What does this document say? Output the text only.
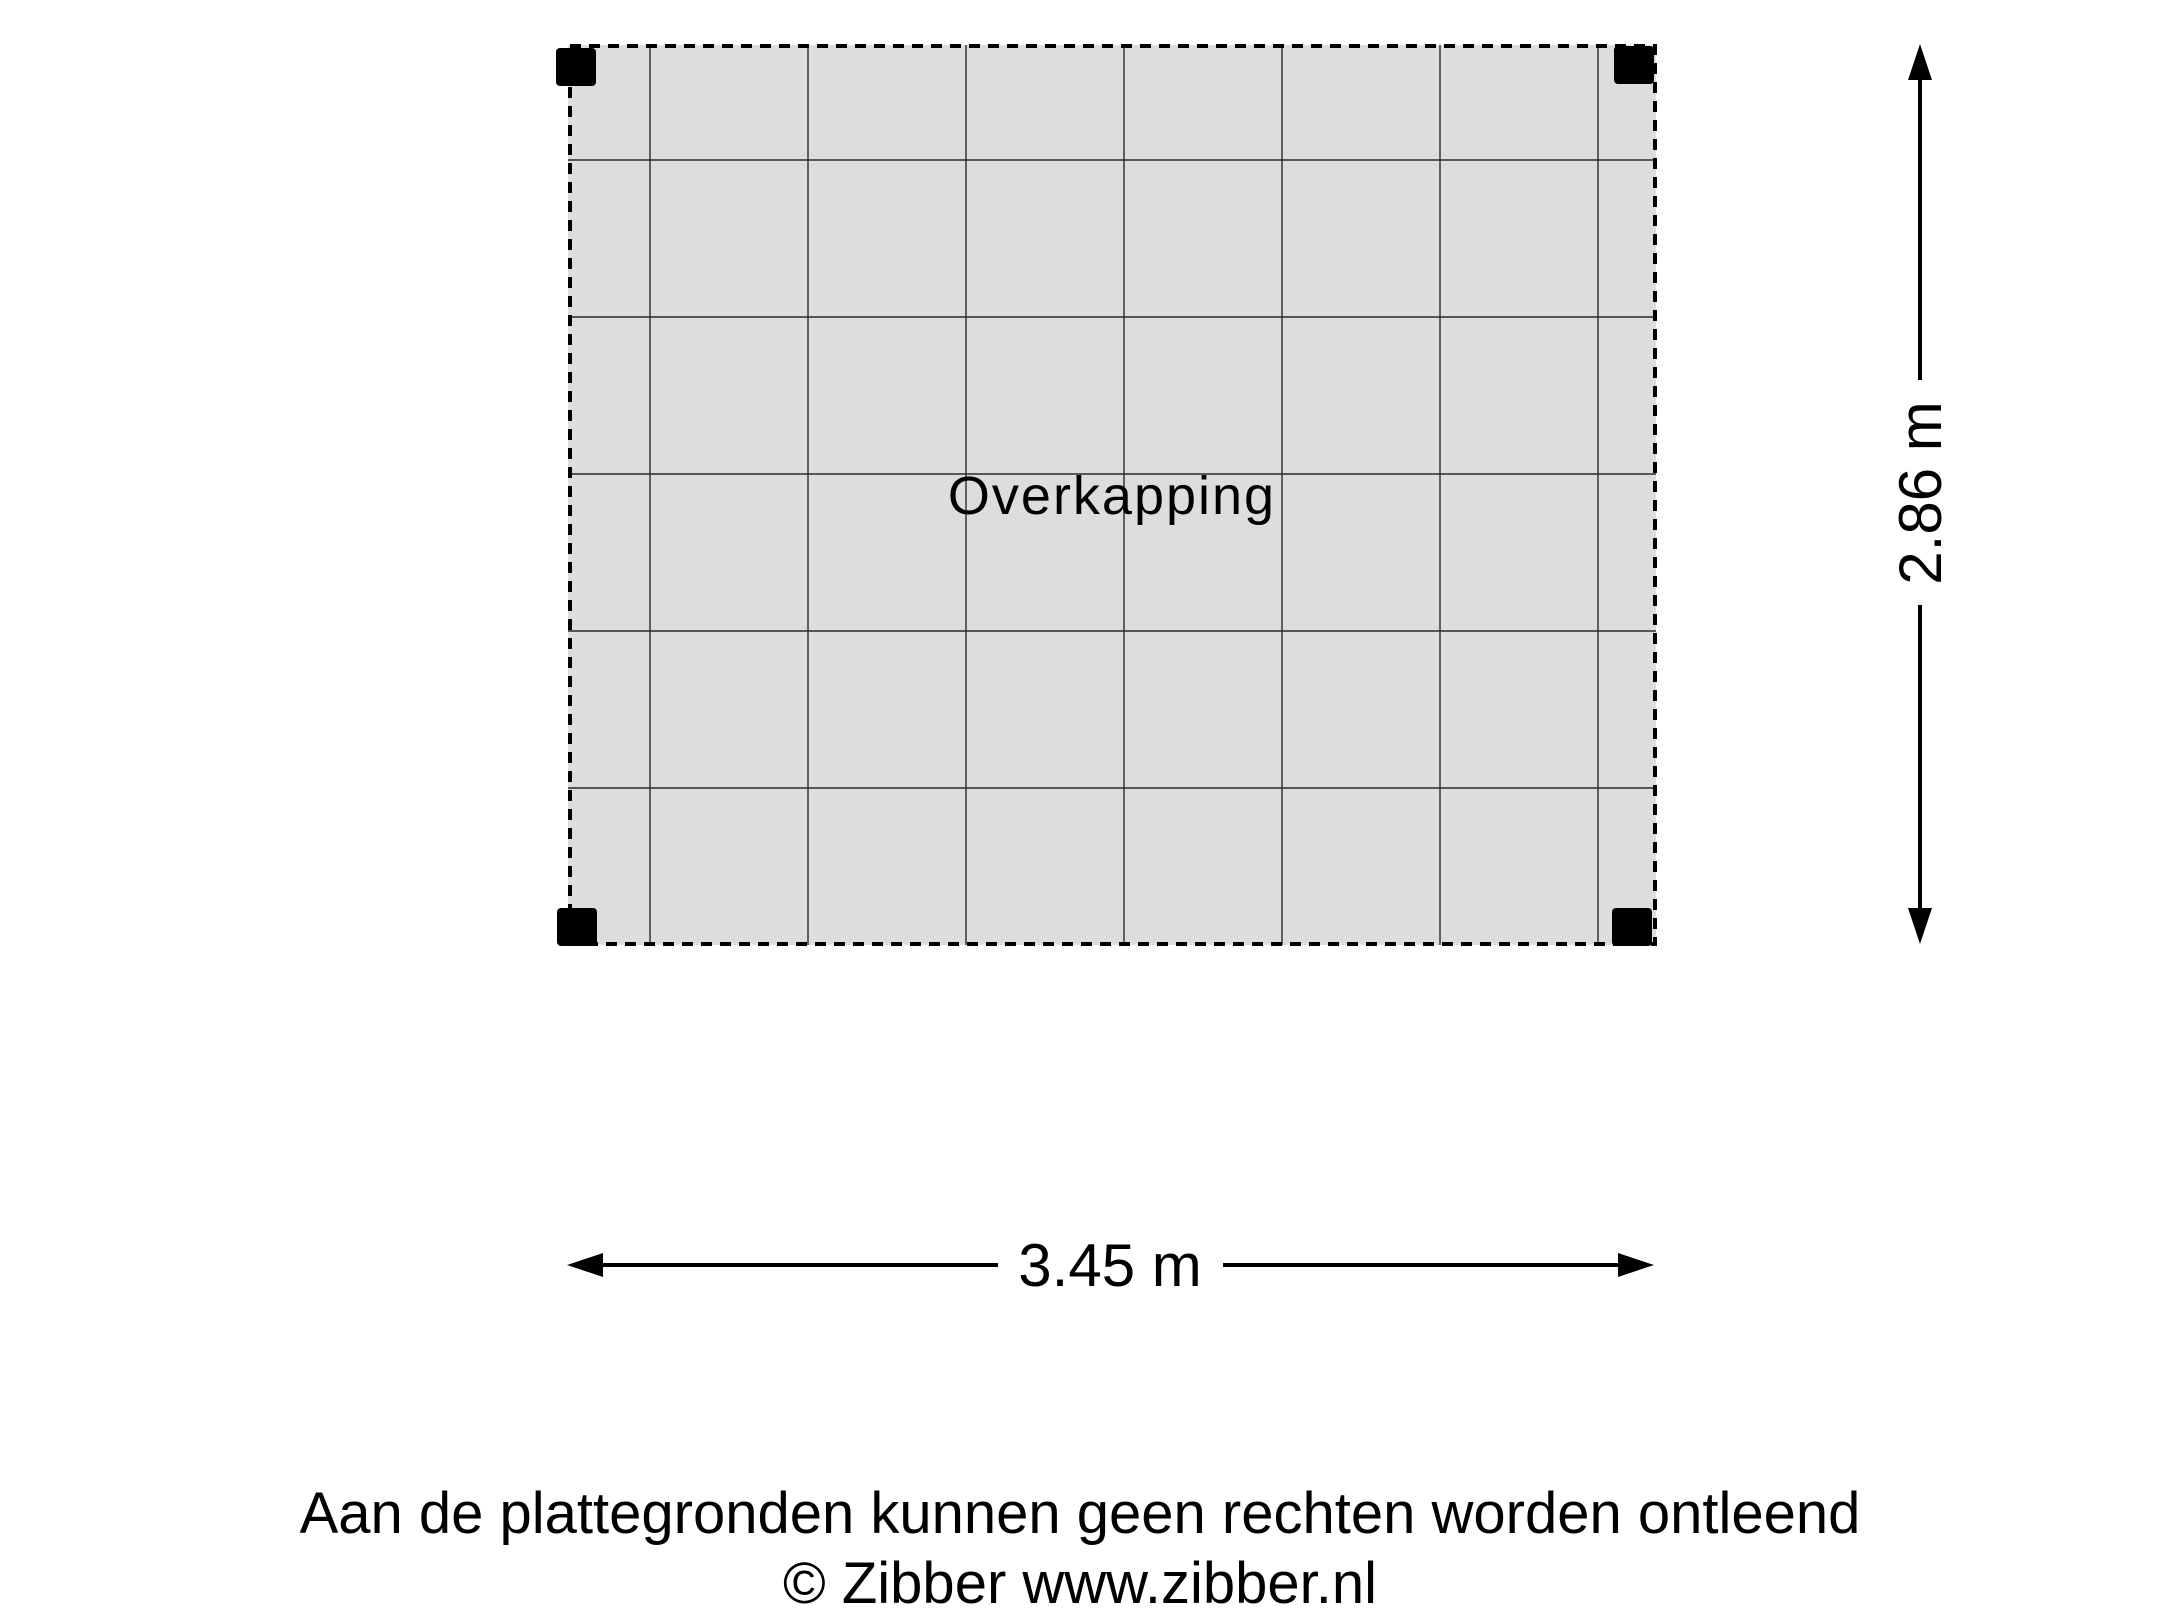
Overkapping
3.45 m
2.86 m
Aan de plattegronden kunnen geen rechten worden ontleend
© Zibber www.zibber.nl
